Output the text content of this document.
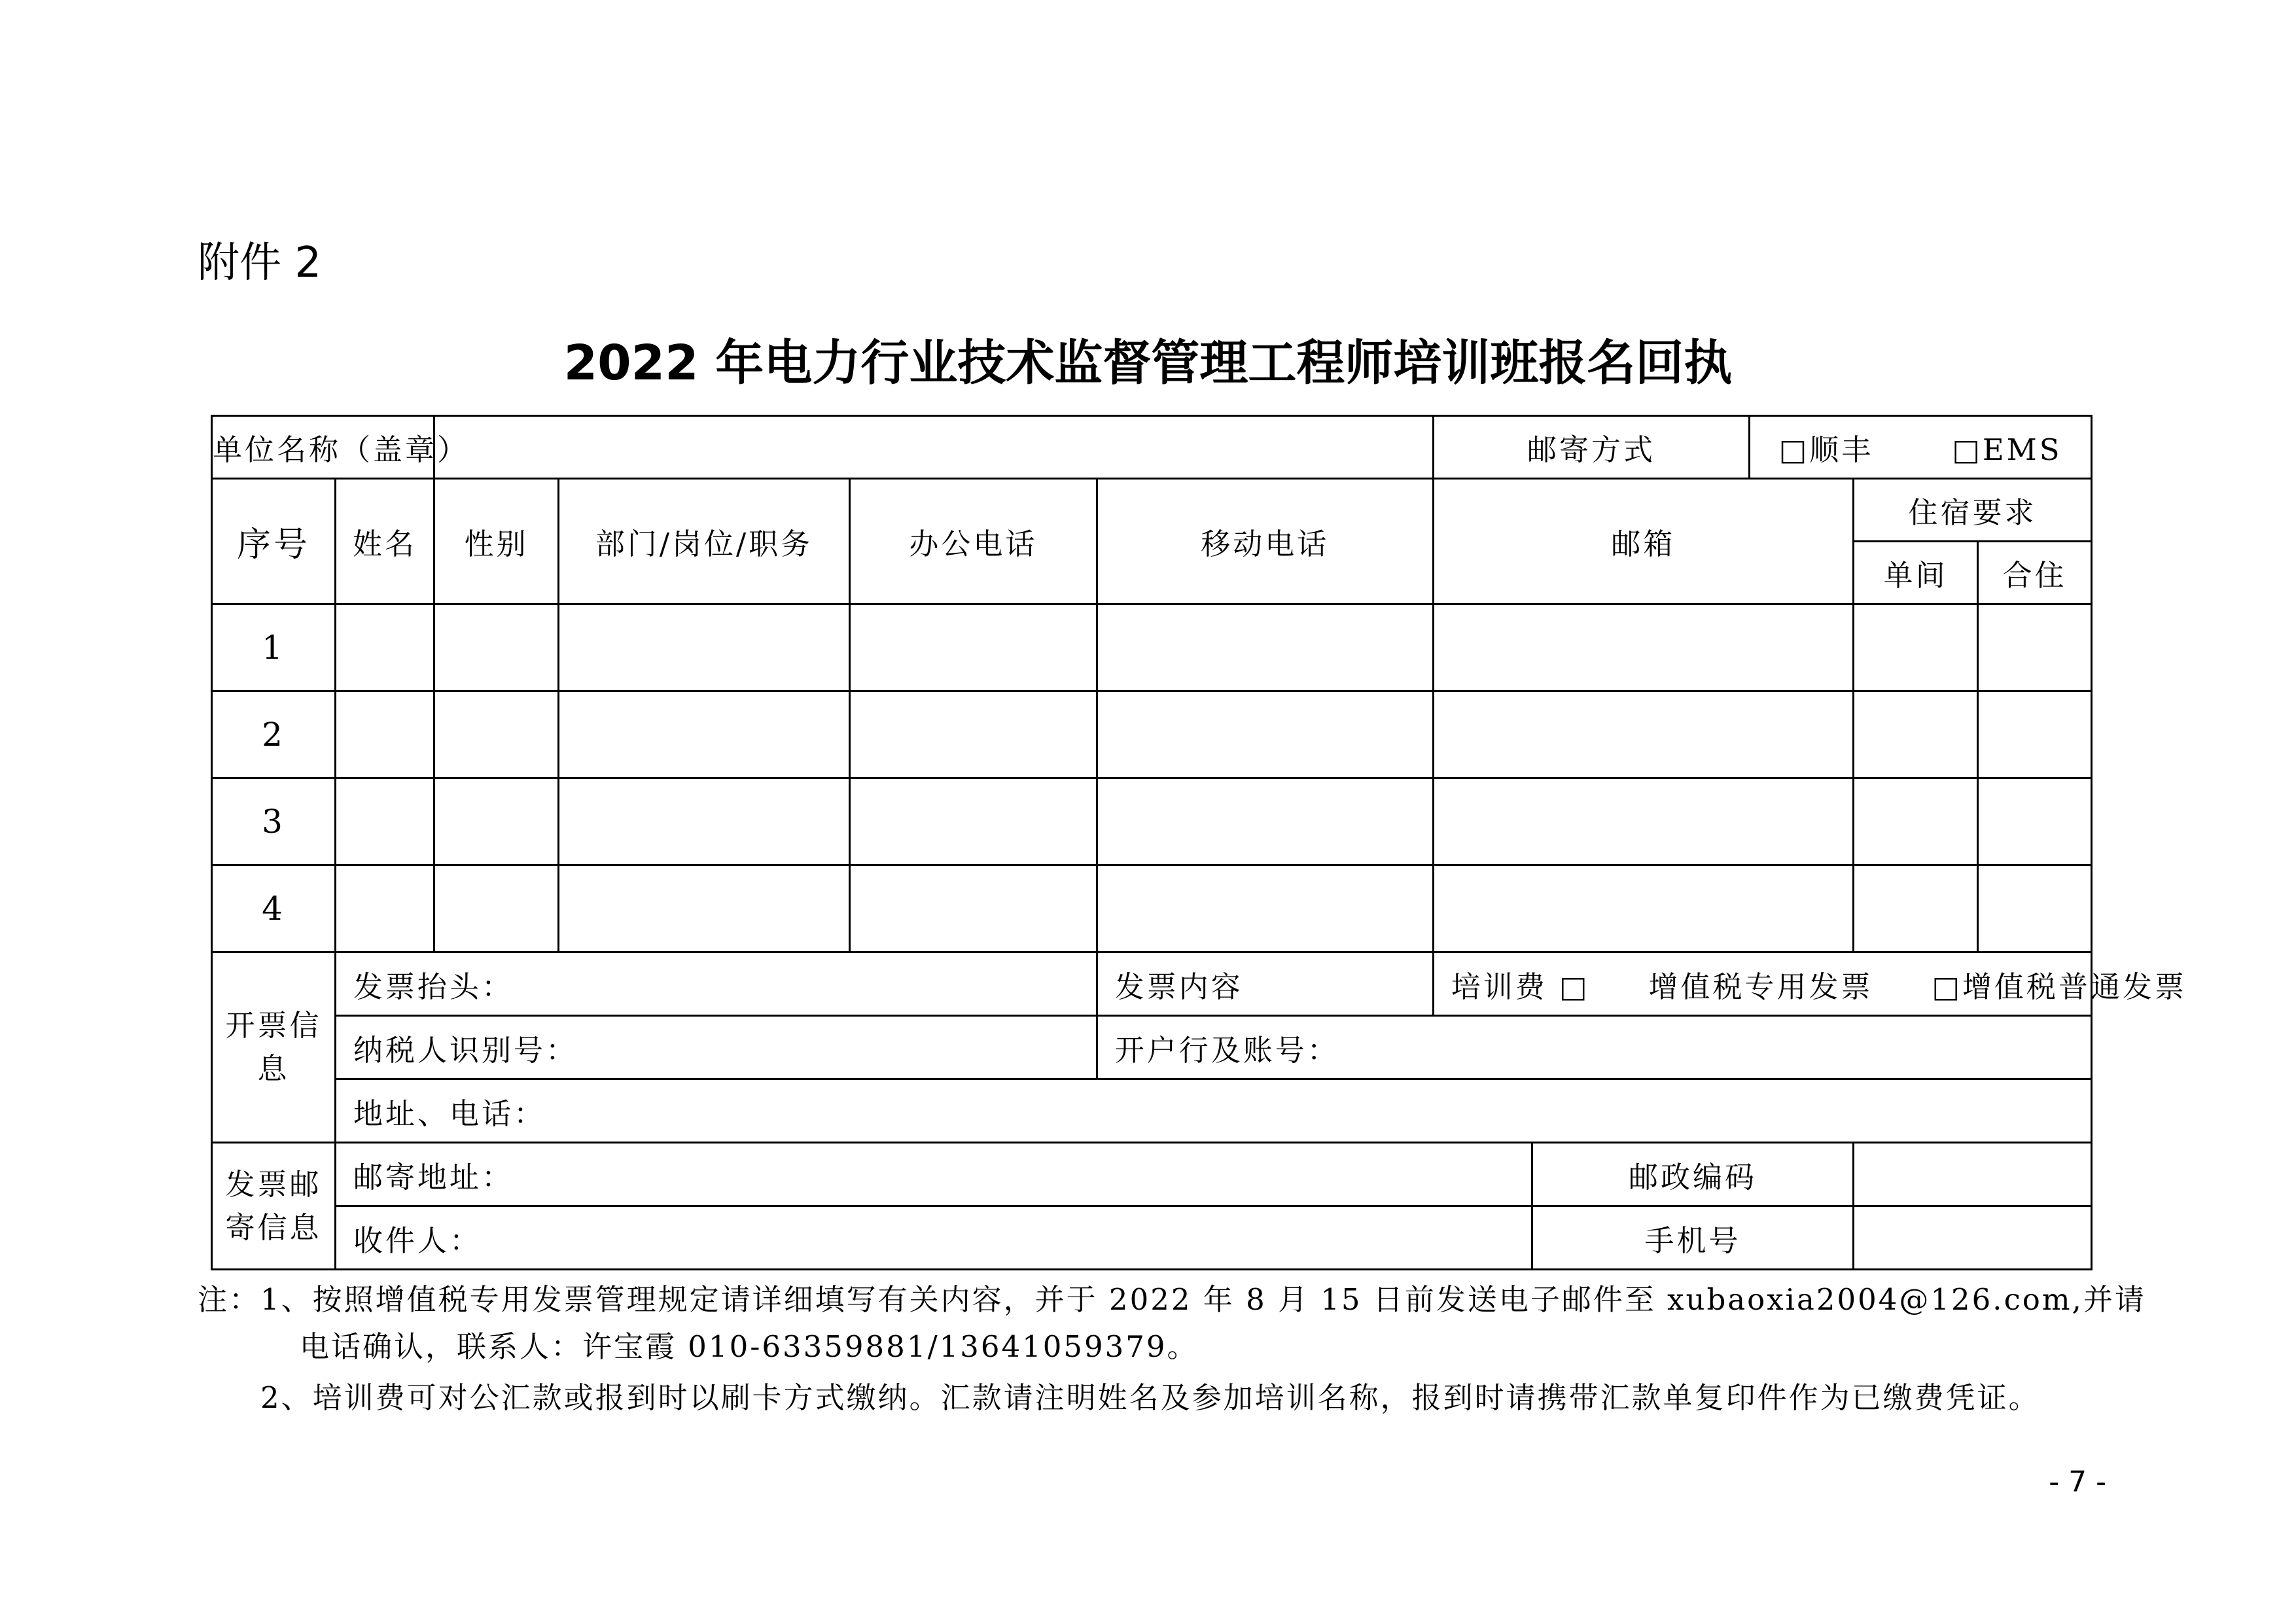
附件 2
2022 年电力行业技术监督管理工程师培训班报名回执
单位名称（盖章）						邮寄方式		□顺丰 □EMS		
序号	姓名	性别	部门/岗位/职务	办公电话	移动电话	邮箱			住宿要求	
									单间	合住
1										
2										
3										
4										
开票信息	发票抬头：				发票内容	培训费 □ 增值税专用发票 □增值税普通发票				
	纳税人识别号：				开户行及账号：					
	地址、电话：									
发票邮寄信息	邮寄地址：						邮政编码			
	收件人：						手机号			
注：1、按照增值税专用发票管理规定请详细填写有关内容，并于 2022 年 8 月 15 日前发送电子邮件至 xubaoxia2004@126.com,并请
电话确认，联系人：许宝霞 010-63359881/13641059379。
2、培训费可对公汇款或报到时以刷卡方式缴纳。汇款请注明姓名及参加培训名称，报到时请携带汇款单复印件作为已缴费凭证。
- 7 -
